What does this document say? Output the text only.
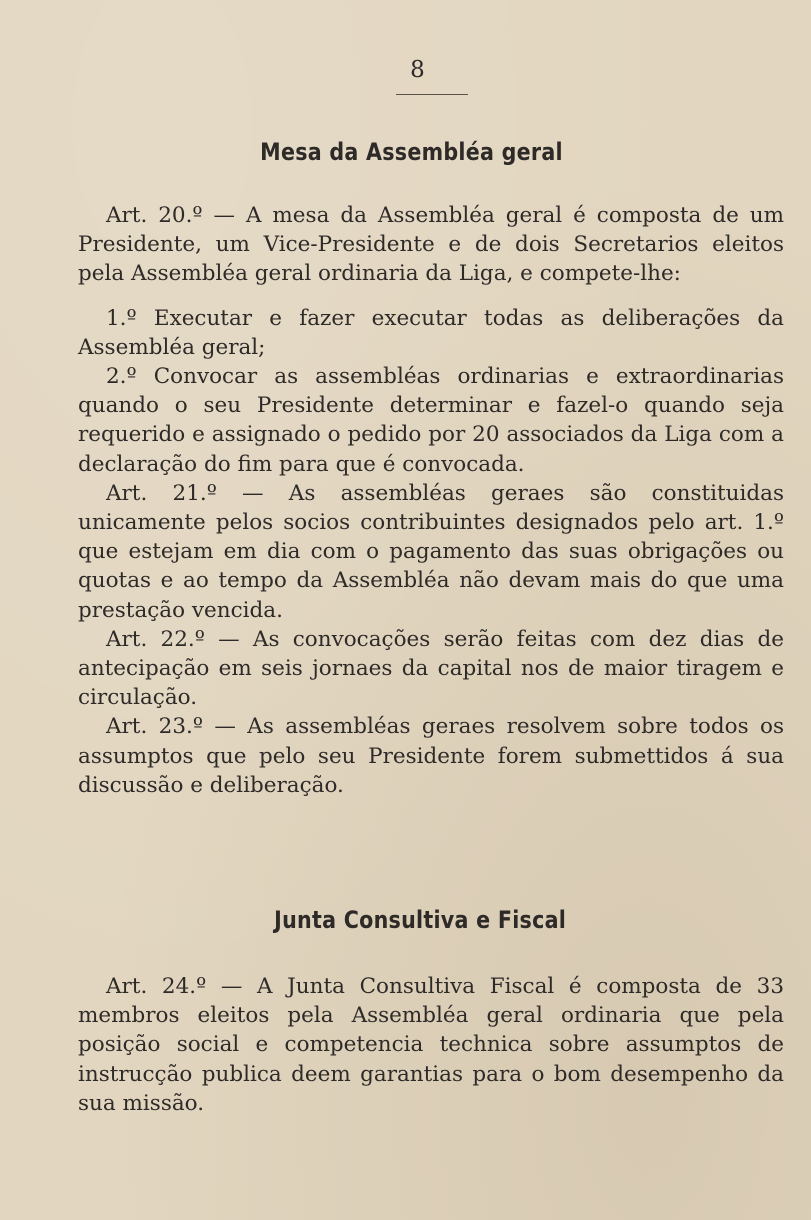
8
Mesa da Assembléa geral

Art. 20.º — A mesa da Assembléa geral é composta de um Presidente, um Vice-Presidente e de dois Secretarios eleitos pela Assembléa geral ordinaria da Liga, e compete-lhe:

1.º Executar e fazer executar todas as deliberações da Assembléa geral;

2.º Convocar as assembléas ordinarias e extraordinarias quando o seu Presidente determinar e fazel-o quando seja requerido e assignado o pedido por 20 associados da Liga com a declaração do fim para que é convocada.

Art. 21.º — As assembléas geraes são constituidas unicamente pelos socios contribuintes designados pelo art. 1.º que estejam em dia com o pagamento das suas obrigações ou quotas e ao tempo da Assembléa não devam mais do que uma prestação vencida.

Art. 22.º — As convocações serão feitas com dez dias de antecipação em seis jornaes da capital nos de maior tiragem e circulação.

Art. 23.º — As assembléas geraes resolvem sobre todos os assumptos que pelo seu Presidente forem submettidos á sua discussão e deliberação.

Junta Consultiva e Fiscal

Art. 24.º — A Junta Consultiva Fiscal é composta de 33 membros eleitos pela Assembléa geral ordinaria que pela posição social e competencia technica sobre assumptos de instrucção publica deem garantias para o bom desempenho da sua missão.
